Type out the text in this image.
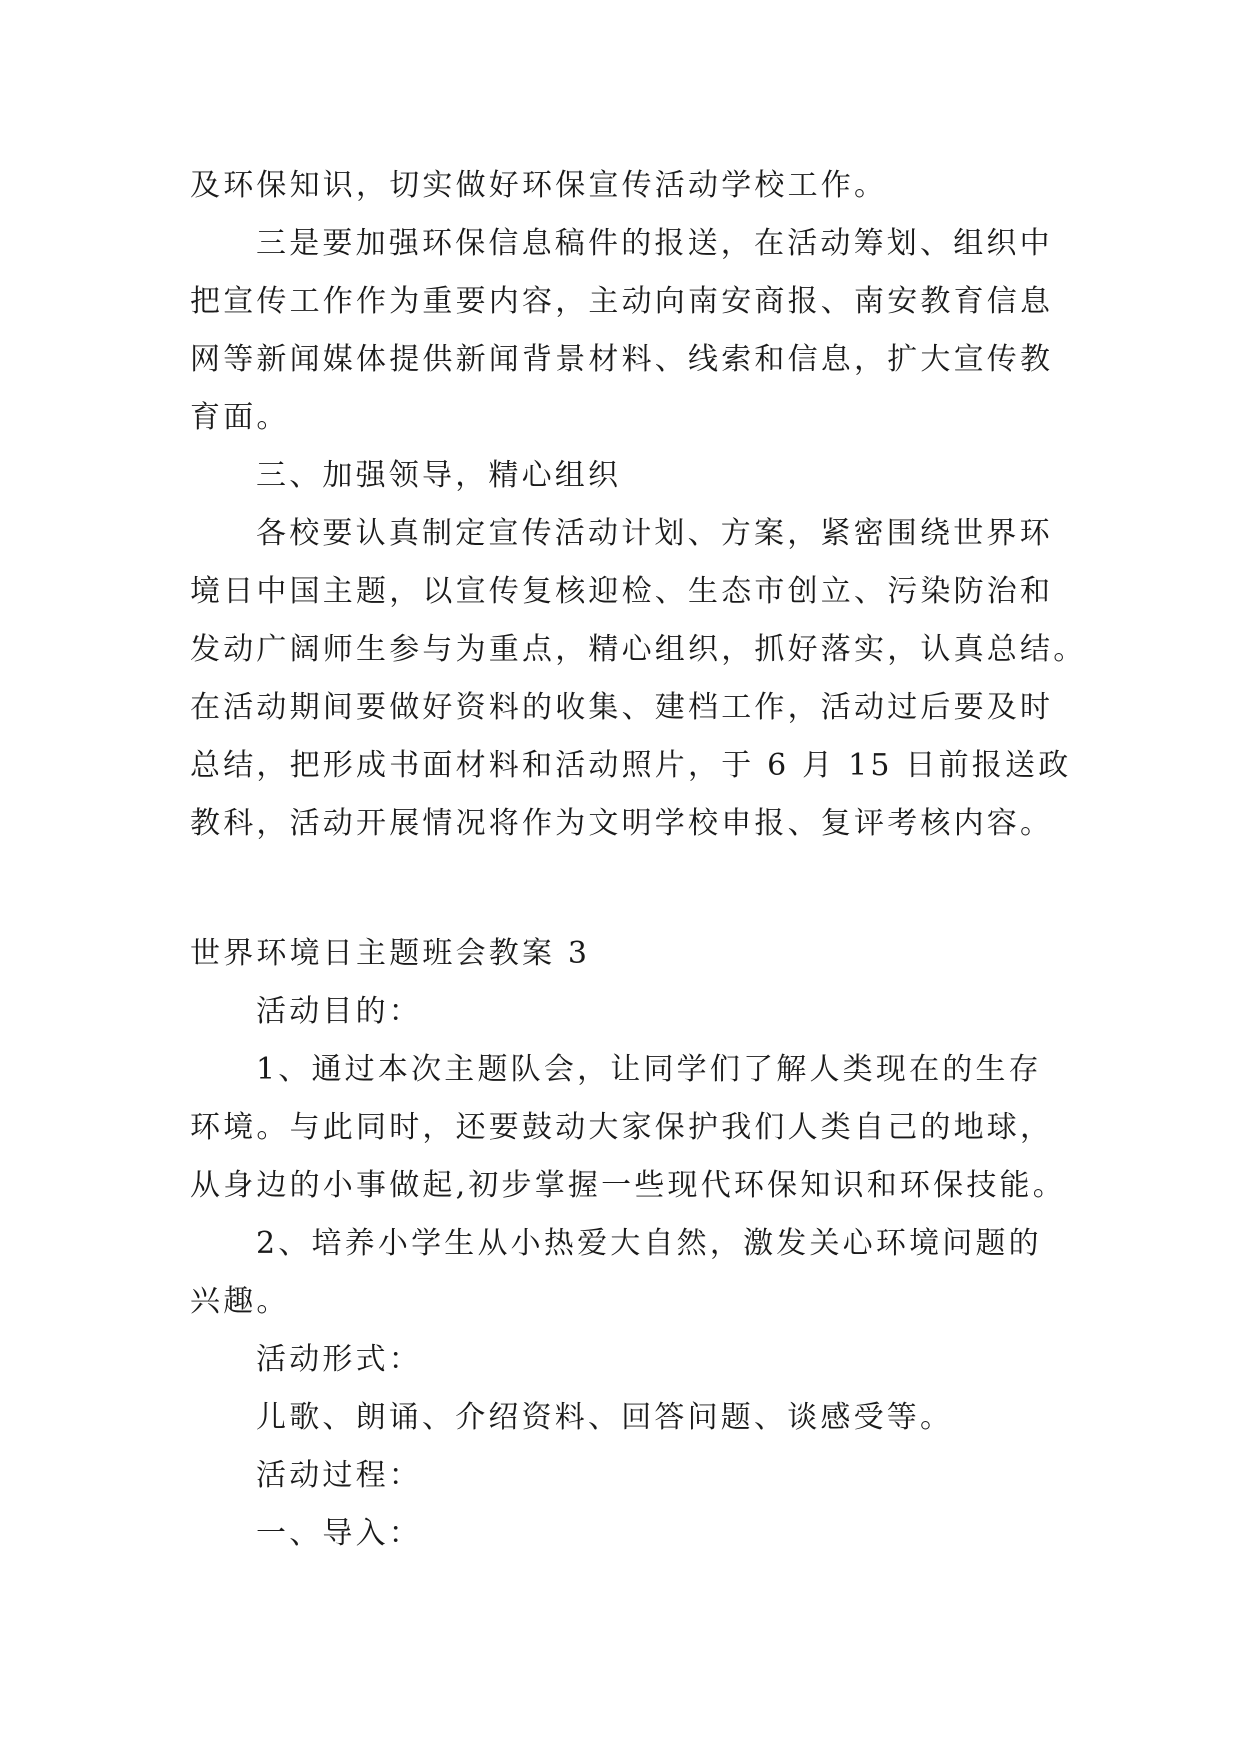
及环保知识，切实做好环保宣传活动学校工作。
三是要加强环保信息稿件的报送，在活动筹划、组织中
把宣传工作作为重要内容，主动向南安商报、南安教育信息
网等新闻媒体提供新闻背景材料、线索和信息，扩大宣传教
育面。
三、加强领导，精心组织
各校要认真制定宣传活动计划、方案，紧密围绕世界环
境日中国主题，以宣传复核迎检、生态市创立、污染防治和
发动广阔师生参与为重点，精心组织，抓好落实，认真总结。
在活动期间要做好资料的收集、建档工作，活动过后要及时
总结，把形成书面材料和活动照片，于 6 月 15 日前报送政
教科，活动开展情况将作为文明学校申报、复评考核内容。
世界环境日主题班会教案 3
活动目的：
1、通过本次主题队会，让同学们了解人类现在的生存
环境。与此同时，还要鼓动大家保护我们人类自己的地球，
从身边的小事做起,初步掌握一些现代环保知识和环保技能。
2、培养小学生从小热爱大自然，激发关心环境问题的
兴趣。
活动形式：
儿歌、朗诵、介绍资料、回答问题、谈感受等。
活动过程：
一、导入：
